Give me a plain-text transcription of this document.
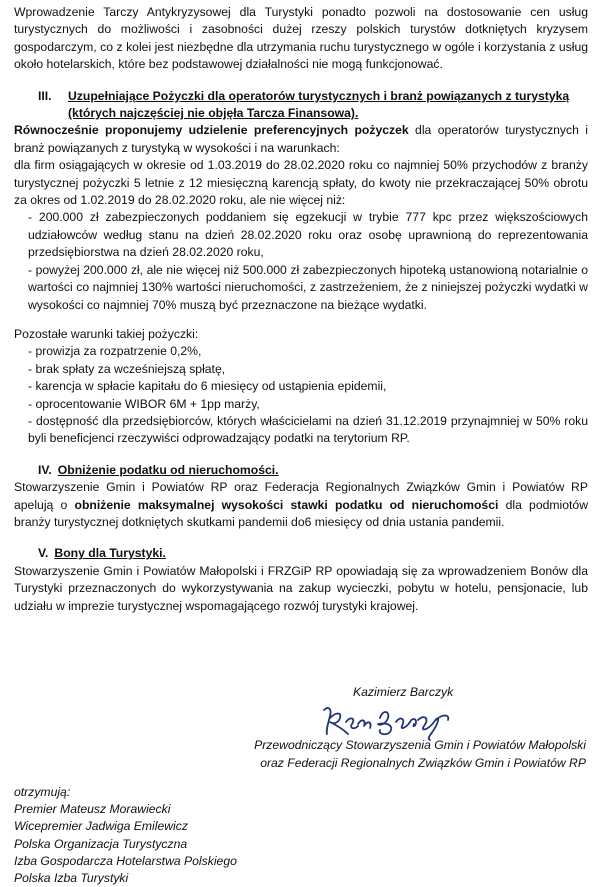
Wprowadzenie Tarczy Antykryzysowej dla Turystyki ponadto pozwoli na dostosowanie cen usług turystycznych do możliwości i zasobności dużej rzeszy polskich turystów dotkniętych kryzysem gospodarczym, co z kolei jest niezbędne dla utrzymania ruchu turystycznego w ogóle i korzystania z usług około hotelarskich, które bez podstawowej działalności nie mogą funkcjonować.

III.	Uzupełniające Pożyczki dla operatorów turystycznych i branż powiązanych z turystyką (których najczęściej nie objęła Tarcza Finansowa).

Równocześnie proponujemy udzielenie preferencyjnych pożyczek dla operatorów turystycznych i branż powiązanych z turystyką w wysokości i na warunkach:

dla firm osiągających w okresie od 1.03.2019 do 28.02.2020 roku co najmniej 50% przychodów z branży turystycznej pożyczki 5 letnie z 12 miesięczną karencją spłaty, do kwoty nie przekraczającej 50% obrotu za okres od 1.02.2019 do 28.02.2020 roku, ale nie więcej niż:

- 200.000 zł zabezpieczonych poddaniem się egzekucji w trybie 777 kpc przez większościowych udziałowców według stanu na dzień 28.02.2020 roku oraz osobę uprawnioną do reprezentowania przedsiębiorstwa na dzień 28.02.2020 roku,

- powyżej 200.000 zł, ale nie więcej niż 500.000 zł zabezpieczonych hipoteką ustanowioną notarialnie o wartości co najmniej 130% wartości nieruchomości, z zastrzeżeniem, że z niniejszej pożyczki wydatki w wysokości co najmniej 70% muszą być przeznaczone na bieżące wydatki.

Pozostałe warunki takiej pożyczki:

- prowizja za rozpatrzenie 0,2%,

- brak spłaty za wcześniejszą spłatę,

- karencja w spłacie kapitału do 6 miesięcy od ustąpienia epidemii,

- oprocentowanie WIBOR 6M + 1pp marży,

- dostępność dla przedsiębiorców, których właścicielami na dzień 31.12.2019 przynajmniej w 50% roku byli beneficjenci rzeczywiści odprowadzający podatki na terytorium RP.

IV. Obniżenie podatku od nieruchomości.

Stowarzyszenie Gmin i Powiatów RP oraz Federacja Regionalnych Związków Gmin i Powiatów RP apelują o obniżenie maksymalnej wysokości stawki podatku od nieruchomości dla podmiotów branży turystycznej dotkniętych skutkami pandemii do6 miesięcy od dnia ustania pandemii.

V. Bony dla Turystyki.

Stowarzyszenie Gmin i Powiatów Małopolski i FRZGiP RP opowiadają się za wprowadzeniem Bonów dla Turystyki przeznaczonych do wykorzystywania na zakup wycieczki, pobytu w hotelu, pensjonacie, lub udziału w imprezie turystycznej wspomagającego rozwój turystyki krajowej.

Kazimierz Barczyk
Przewodniczący Stowarzyszenia Gmin i Powiatów Małopolski
oraz Federacji Regionalnych Związków Gmin i Powiatów RP
otrzymują:
Premier Mateusz Morawiecki
Wicepremier Jadwiga Emilewicz
Polska Organizacja Turystyczna
Izba Gospodarcza Hotelarstwa Polskiego
Polska Izba Turystyki
